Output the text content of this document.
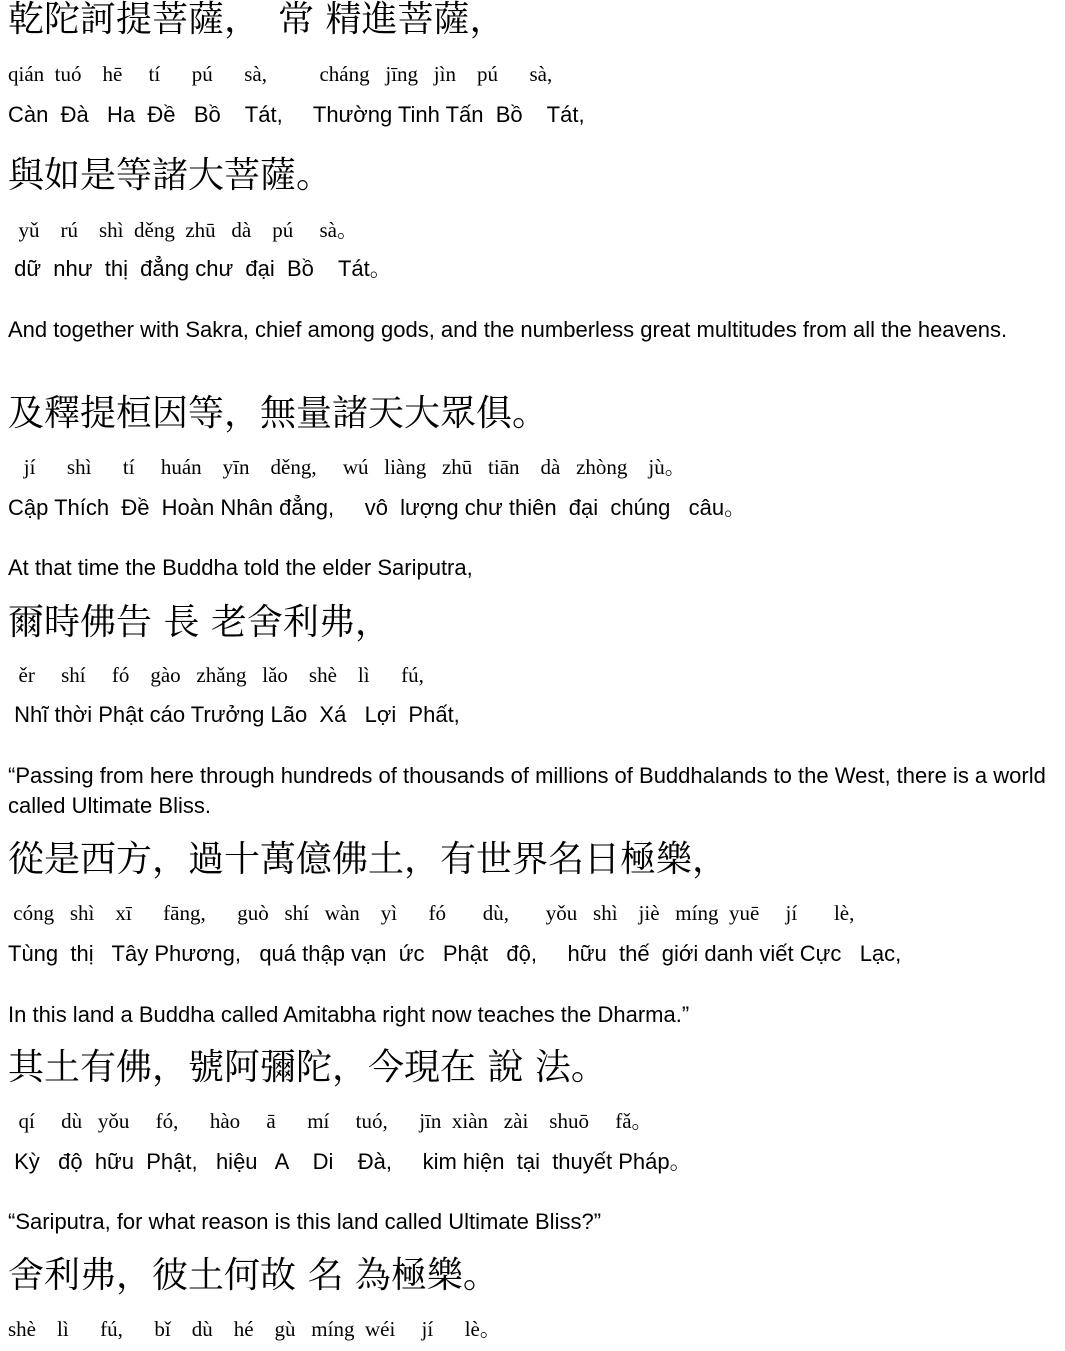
乾陀訶提菩薩，　常 精進菩薩，
qián  tuó    hē     tí      pú      sà,          cháng   jīng   jìn    pú      sà,
Càn  Đà   Ha  Đề   Bồ    Tát,     Thường Tinh Tấn  Bồ    Tát,
與如是等諸大菩薩。
yǔ    rú    shì  děng  zhū   dà    pú     sà。
dữ  như  thị  đẳng chư  đại  Bồ    Tát。
And together with Sakra, chief among gods, and the numberless great multitudes from all the heavens.
及釋提桓因等，無量諸天大眾俱。
jí      shì      tí     huán    yīn    děng,     wú   liàng   zhū   tiān    dà   zhòng    jù。
Cập Thích  Đề  Hoàn Nhân đẳng,     vô  lượng chư thiên  đại  chúng   câu。
At that time the Buddha told the elder Sariputra,
爾時佛告 長 老舍利弗，
ěr     shí     fó    gào   zhǎng   lǎo    shè    lì      fú,
Nhĩ thời Phật cáo Trưởng Lão  Xá   Lợi  Phất,
“Passing from here through hundreds of thousands of millions of Buddhalands to the West, there is a world called Ultimate Bliss.
從是西方，過十萬億佛土，有世界名日極樂，
cóng   shì    xī      fāng,      guò   shí   wàn    yì      fó       dù,       yǒu   shì    jiè   míng  yuē     jí       lè,
Tùng  thị   Tây Phương,   quá thập vạn  ức   Phật   độ,     hữu  thế  giới danh viết Cực   Lạc,
In this land a Buddha called Amitabha right now teaches the Dharma.”
其土有佛，號阿彌陀，今現在 說 法。
qí     dù   yǒu     fó,      hào     ā      mí     tuó,      jīn  xiàn   zài    shuō     fǎ。
Kỳ   độ  hữu  Phật,   hiệu   A    Di    Đà,     kim hiện  tại  thuyết Pháp。
“Sariputra, for what reason is this land called Ultimate Bliss?”
舍利弗，彼土何故 名 為極樂。
shè    lì      fú,      bǐ    dù    hé    gù   míng  wéi     jí      lè。
